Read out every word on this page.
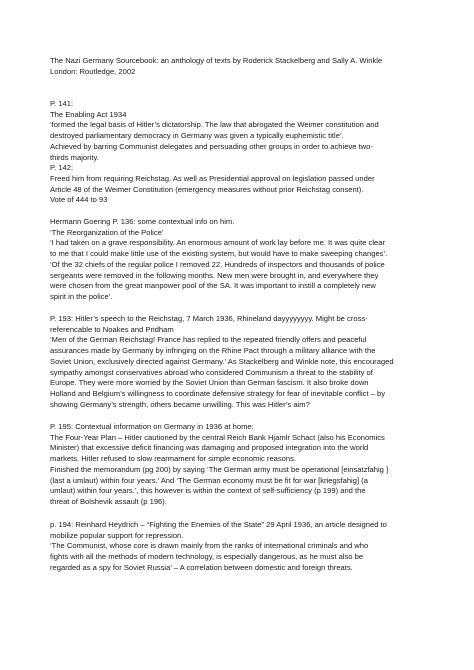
The Nazi Germany Sourcebook: an anthology of texts by Roderick Stackelberg and Sally A. Winkle

London: Routledge, 2002

P. 141:

The Enabling Act 1934

‘formed the legal basis of Hitler’s dictatorship. The law that abrogated the Weimer constitution and

destroyed parliamentary democracy in Germany was given a typically euphemistic title’.

Achieved by barring Communist delegates and persuading other groups in order to achieve two-

thirds majority.

P. 142:

Freed him from requiring Reichstag. As well as Presidential approval on legislation passed under

Article 48 of the Weimer Constitution (emergency measures without prior Reichstag consent).

Vote of 444 to 93

Hermann Goering P. 136: some contextual info on him.

‘The Reorganization of the Police’

‘I had taken on a grave responsibility. An enormous amount of work lay before me. It was quite clear

to me that I could make little use of the existing system, but would have to make sweeping changes’.

‘Of the 32 chiefs of the regular police I removed 22. Hundreds of inspectors and thousands of police

sergeants were removed in the following months. New men were brought in, and everywhere they

were chosen from the great manpower pool of the SA. It was important to instill a completely new

spirit in the police’.

P. 193: Hitler’s speech to the Reichstag, 7 March 1936, Rhineland dayyyyyyyy. Might be cross-

referencable to Noakes and Pridham

‘Men of the German Reichstag! France has replied to the repeated friendly offers and peaceful

assurances made by Germany by infringing on the Rhine Pact through a military alliance with the

Soviet Union, exclusively directed against Germany.’ As Stackelberg and Winkle note, this encouraged

sympathy amongst conservatives abroad who considered Communism a threat to the stability of

Europe. They were more worried by the Soviet Union than German fascism. It also broke down

Holland and Belgium’s willingness to coordinate defensive strategy for fear of inevitable conflict – by

showing Germany’s strength, others became unwilling. This was Hitler’s aim?

P. 195: Contextual information on Germany in 1936 at home:

The Four-Year Plan – Hitler cautioned by the central Reich Bank Hjamlr Schact (also his Economics

Minister) that excessive deficit financing was damaging and proposed integration into the world

markets. Hitler refused to slow rearmament for simple economic reasons.

Finished the memorandum (pg 200) by saying ‘The German army must be operational [einsatzfahig ]

(last a umlaut) within four years.’ And ‘The German economy must be fit for war [kriegsfahig] (a

umlaut) within four years.’, this however is within the context of self-sufficiency (p 199) and the

threat of Bolshevik assault (p 196).

p. 194: Reinhard Heydrich – “Fighting the Enemies of the State” 29 April 1936, an article designed to

mobilize popular support for repression.

‘The Communist, whose core is drawn mainly from the ranks of international criminals and who

fights with all the methods of modern technology, is especially dangerous, as he must also be

regarded as a spy for Soviet Russia’ – A correlation between domestic and foreign threats.
